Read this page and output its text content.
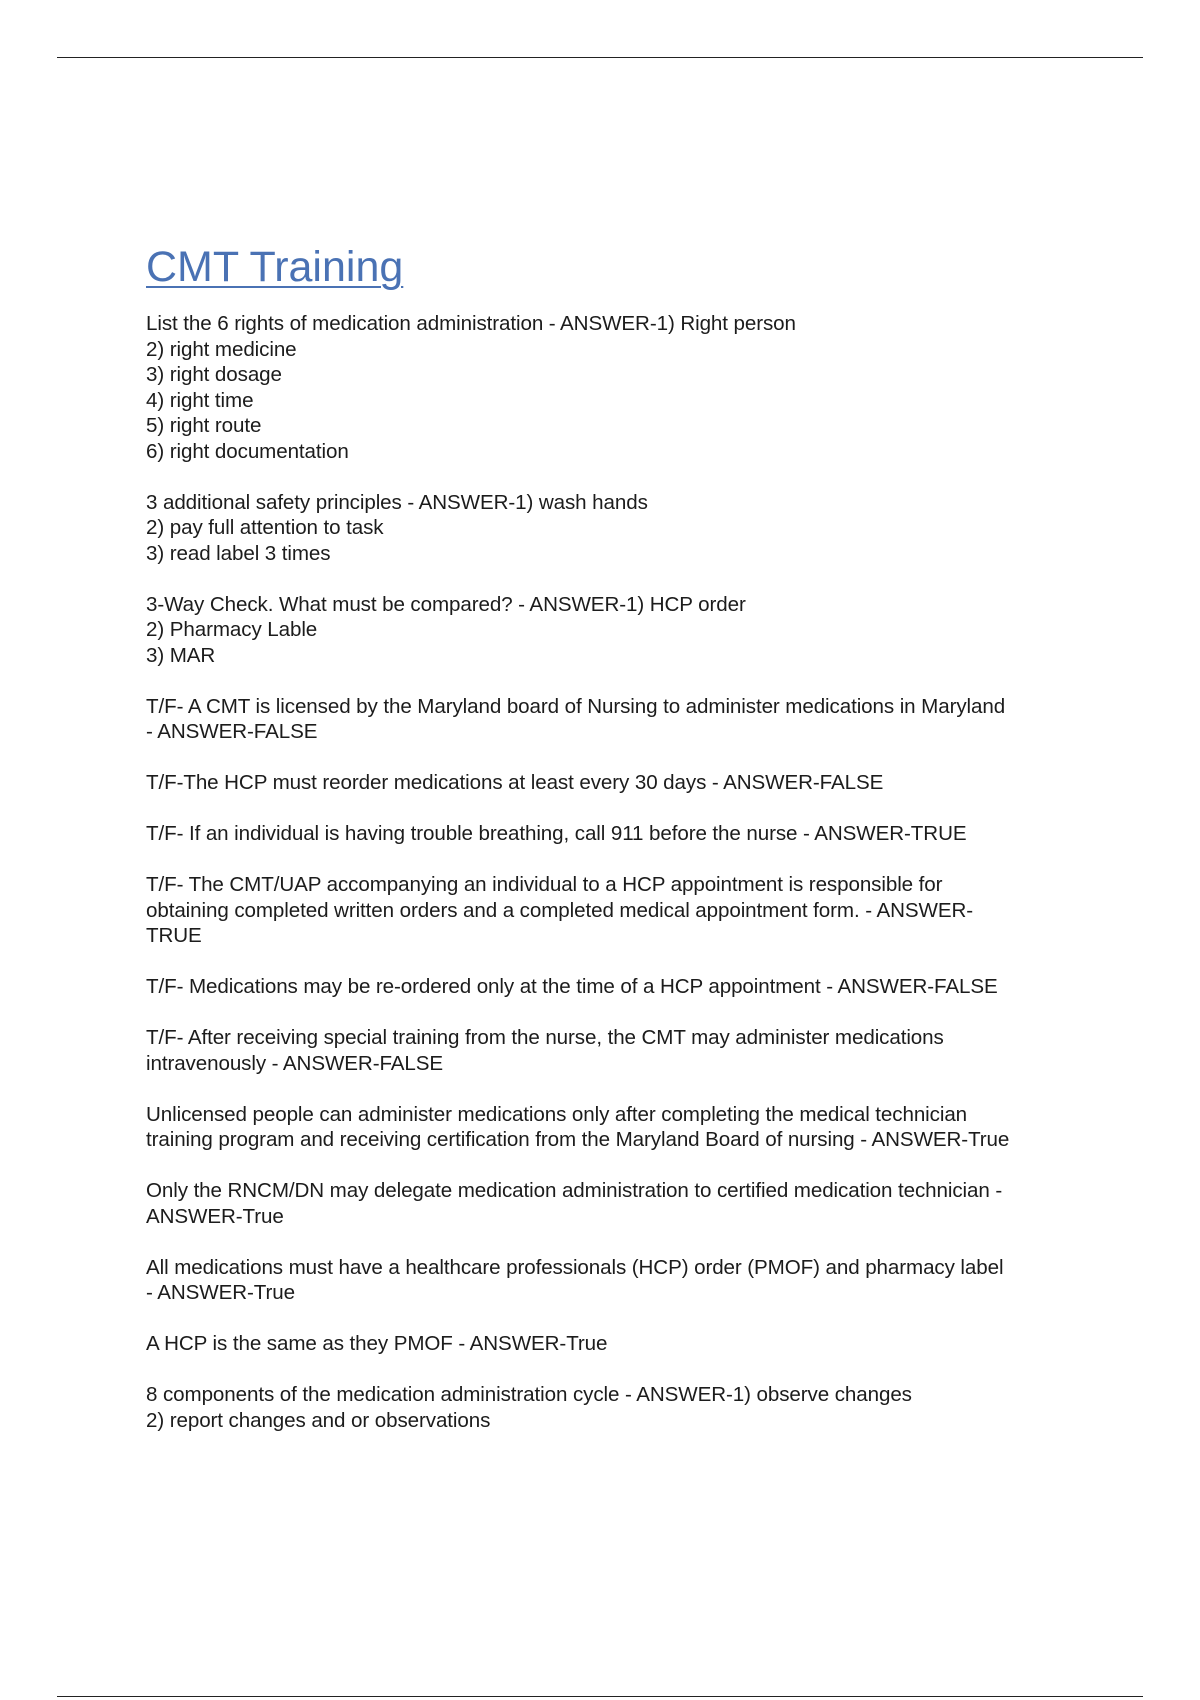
CMT Training
List the 6 rights of medication administration - ANSWER-1) Right person
2) right medicine
3) right dosage
4) right time
5) right route
6) right documentation
3 additional safety principles - ANSWER-1) wash hands
2) pay full attention to task
3) read label 3 times
3-Way Check. What must be compared? - ANSWER-1) HCP order
2) Pharmacy Lable
3) MAR
T/F- A CMT is licensed by the Maryland board of Nursing to administer medications in Maryland
- ANSWER-FALSE
T/F-The HCP must reorder medications at least every 30 days - ANSWER-FALSE
T/F- If an individual is having trouble breathing, call 911 before the nurse - ANSWER-TRUE
T/F- The CMT/UAP accompanying an individual to a HCP appointment is responsible for
obtaining completed written orders and a completed medical appointment form. - ANSWER-
TRUE
T/F- Medications may be re-ordered only at the time of a HCP appointment - ANSWER-FALSE
T/F- After receiving special training from the nurse, the CMT may administer medications
intravenously - ANSWER-FALSE
Unlicensed people can administer medications only after completing the medical technician
training program and receiving certification from the Maryland Board of nursing - ANSWER-True
Only the RNCM/DN may delegate medication administration to certified medication technician -
ANSWER-True
All medications must have a healthcare professionals (HCP) order (PMOF) and pharmacy label
- ANSWER-True
A HCP is the same as they PMOF - ANSWER-True
8 components of the medication administration cycle - ANSWER-1) observe changes
2) report changes and or observations
